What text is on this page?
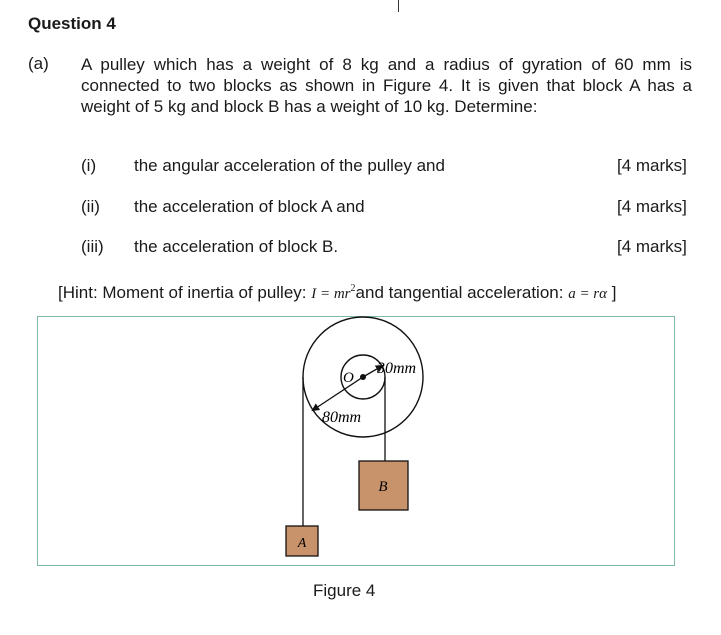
Question 4
(a) A pulley which has a weight of 8 kg and a radius of gyration of 60 mm is connected to two blocks as shown in Figure 4. It is given that block A has a weight of 5 kg and block B has a weight of 10 kg. Determine:
(i) the angular acceleration of the pulley and	[4 marks]
(ii) the acceleration of block A and	[4 marks]
(iii) the acceleration of block B.	[4 marks]
[Hint: Moment of inertia of pulley: $I = mr^2and$ tangential acceleration: a = rα ]
O
30mm
80mm
B
A
Figure 4
